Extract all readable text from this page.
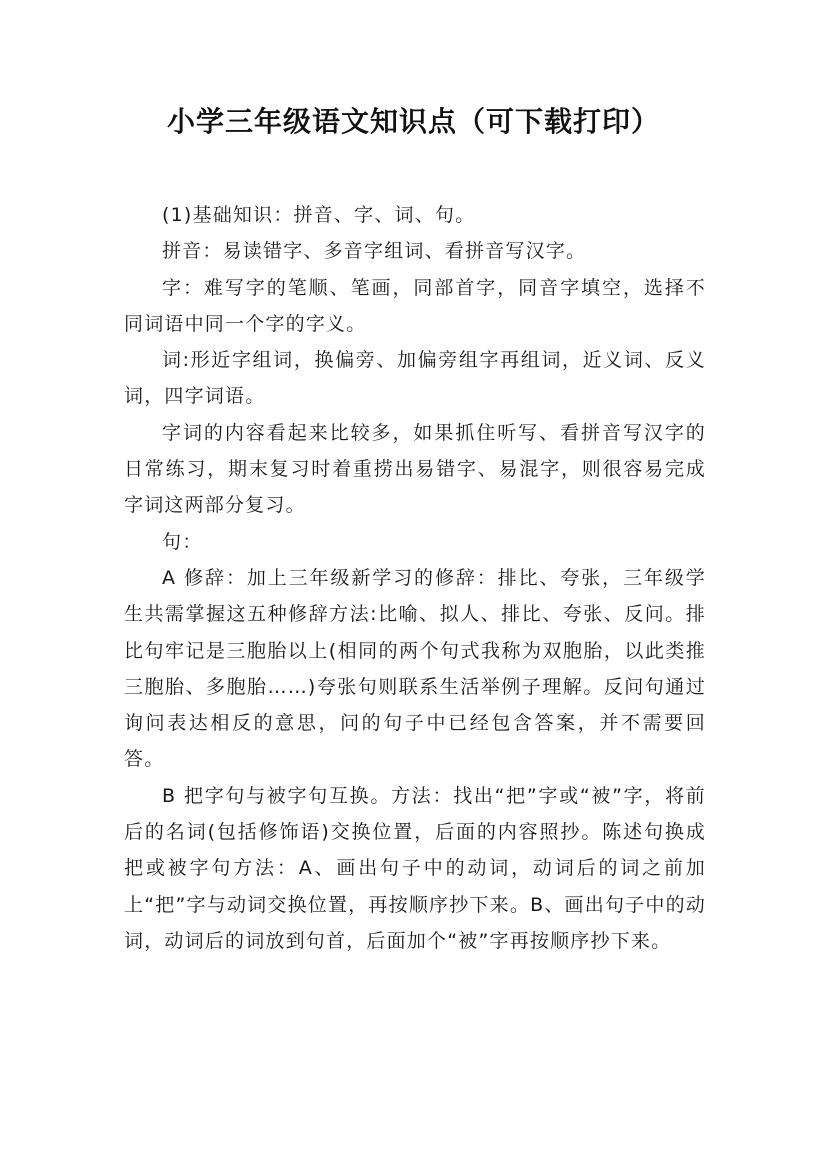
小学三年级语文知识点（可下载打印）

(1)基础知识：拼音、字、词、句。

拼音：易读错字、多音字组词、看拼音写汉字。

字：难写字的笔顺、笔画，同部首字，同音字填空，选择不同词语中同一个字的字义。

词:形近字组词，换偏旁、加偏旁组字再组词，近义词、反义词，四字词语。

字词的内容看起来比较多，如果抓住听写、看拼音写汉字的日常练习，期末复习时着重捞出易错字、易混字，则很容易完成字词这两部分复习。

句：

A 修辞：加上三年级新学习的修辞：排比、夸张，三年级学生共需掌握这五种修辞方法:比喻、拟人、排比、夸张、反问。排比句牢记是三胞胎以上(相同的两个句式我称为双胞胎，以此类推三胞胎、多胞胎……)夸张句则联系生活举例子理解。反问句通过询问表达相反的意思，问的句子中已经包含答案，并不需要回答。

B 把字句与被字句互换。方法：找出“把”字或“被”字，将前后的名词(包括修饰语)交换位置，后面的内容照抄。陈述句换成把或被字句方法：A、画出句子中的动词，动词后的词之前加上“把”字与动词交换位置，再按顺序抄下来。B、画出句子中的动词，动词后的词放到句首，后面加个“被”字再按顺序抄下来。
